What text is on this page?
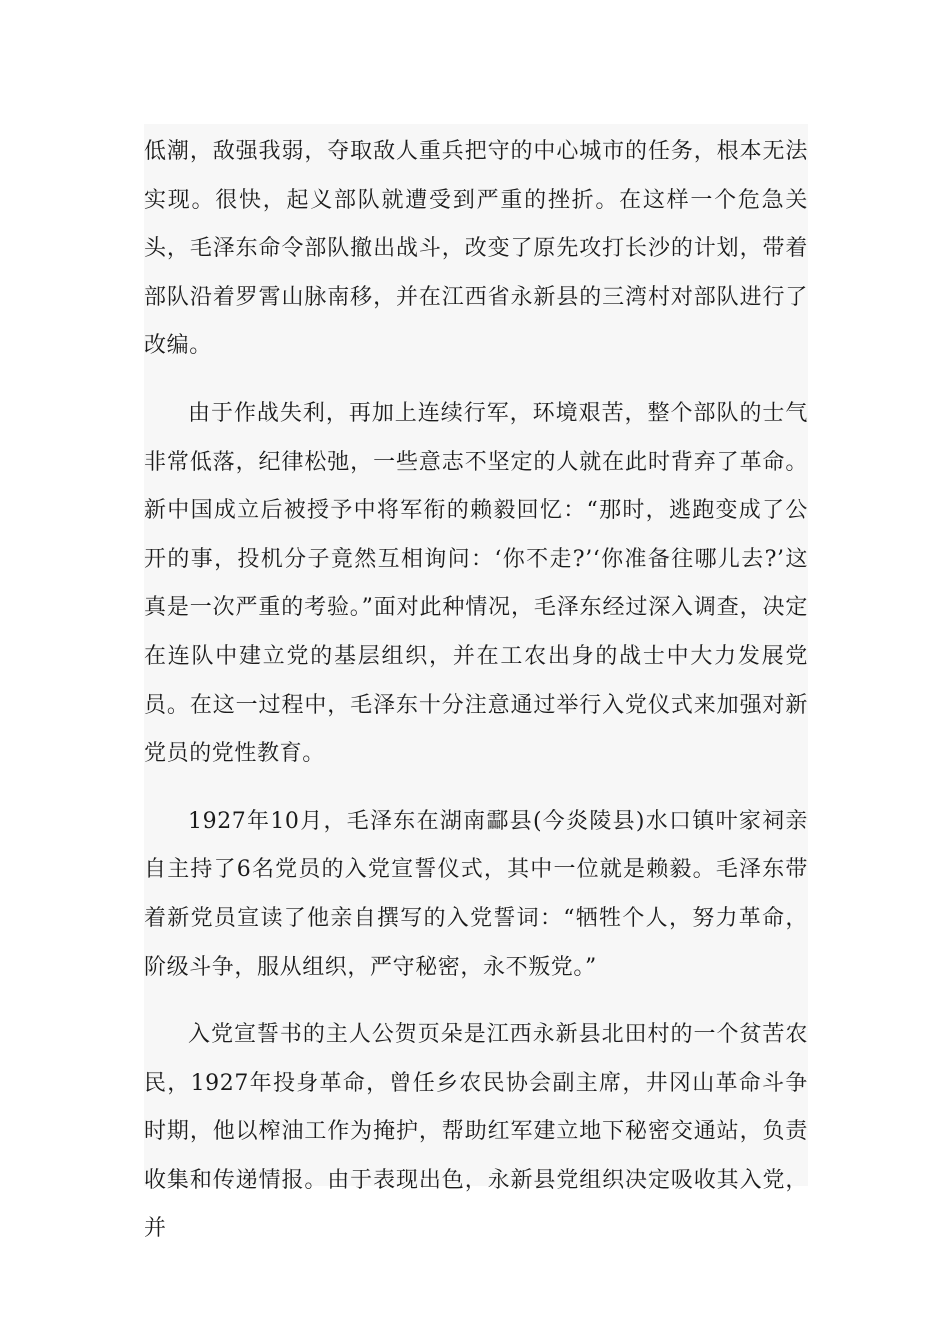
低潮，敌强我弱，夺取敌人重兵把守的中心城市的任务，根本无法实现。很快，起义部队就遭受到严重的挫折。在这样一个危急关头，毛泽东命令部队撤出战斗，改变了原先攻打长沙的计划，带着部队沿着罗霄山脉南移，并在江西省永新县的三湾村对部队进行了改编。

由于作战失利，再加上连续行军，环境艰苦，整个部队的士气非常低落，纪律松弛，一些意志不坚定的人就在此时背弃了革命。新中国成立后被授予中将军衔的赖毅回忆：“那时，逃跑变成了公开的事，投机分子竟然互相询问：‘你不走?’‘你准备往哪儿去?’这真是一次严重的考验。”面对此种情况，毛泽东经过深入调查，决定在连队中建立党的基层组织，并在工农出身的战士中大力发展党员。在这一过程中，毛泽东十分注意通过举行入党仪式来加强对新党员的党性教育。

1927年10月，毛泽东在湖南酃县(今炎陵县)水口镇叶家祠亲自主持了6名党员的入党宣誓仪式，其中一位就是赖毅。毛泽东带着新党员宣读了他亲自撰写的入党誓词：“牺牲个人，努力革命，阶级斗争，服从组织，严守秘密，永不叛党。”

入党宣誓书的主人公贺页朵是江西永新县北田村的一个贫苦农民，1927年投身革命，曾任乡农民协会副主席，井冈山革命斗争时期，他以榨油工作为掩护，帮助红军建立地下秘密交通站，负责收集和传递情报。由于表现出色，永新县党组织决定吸收其入党，并
